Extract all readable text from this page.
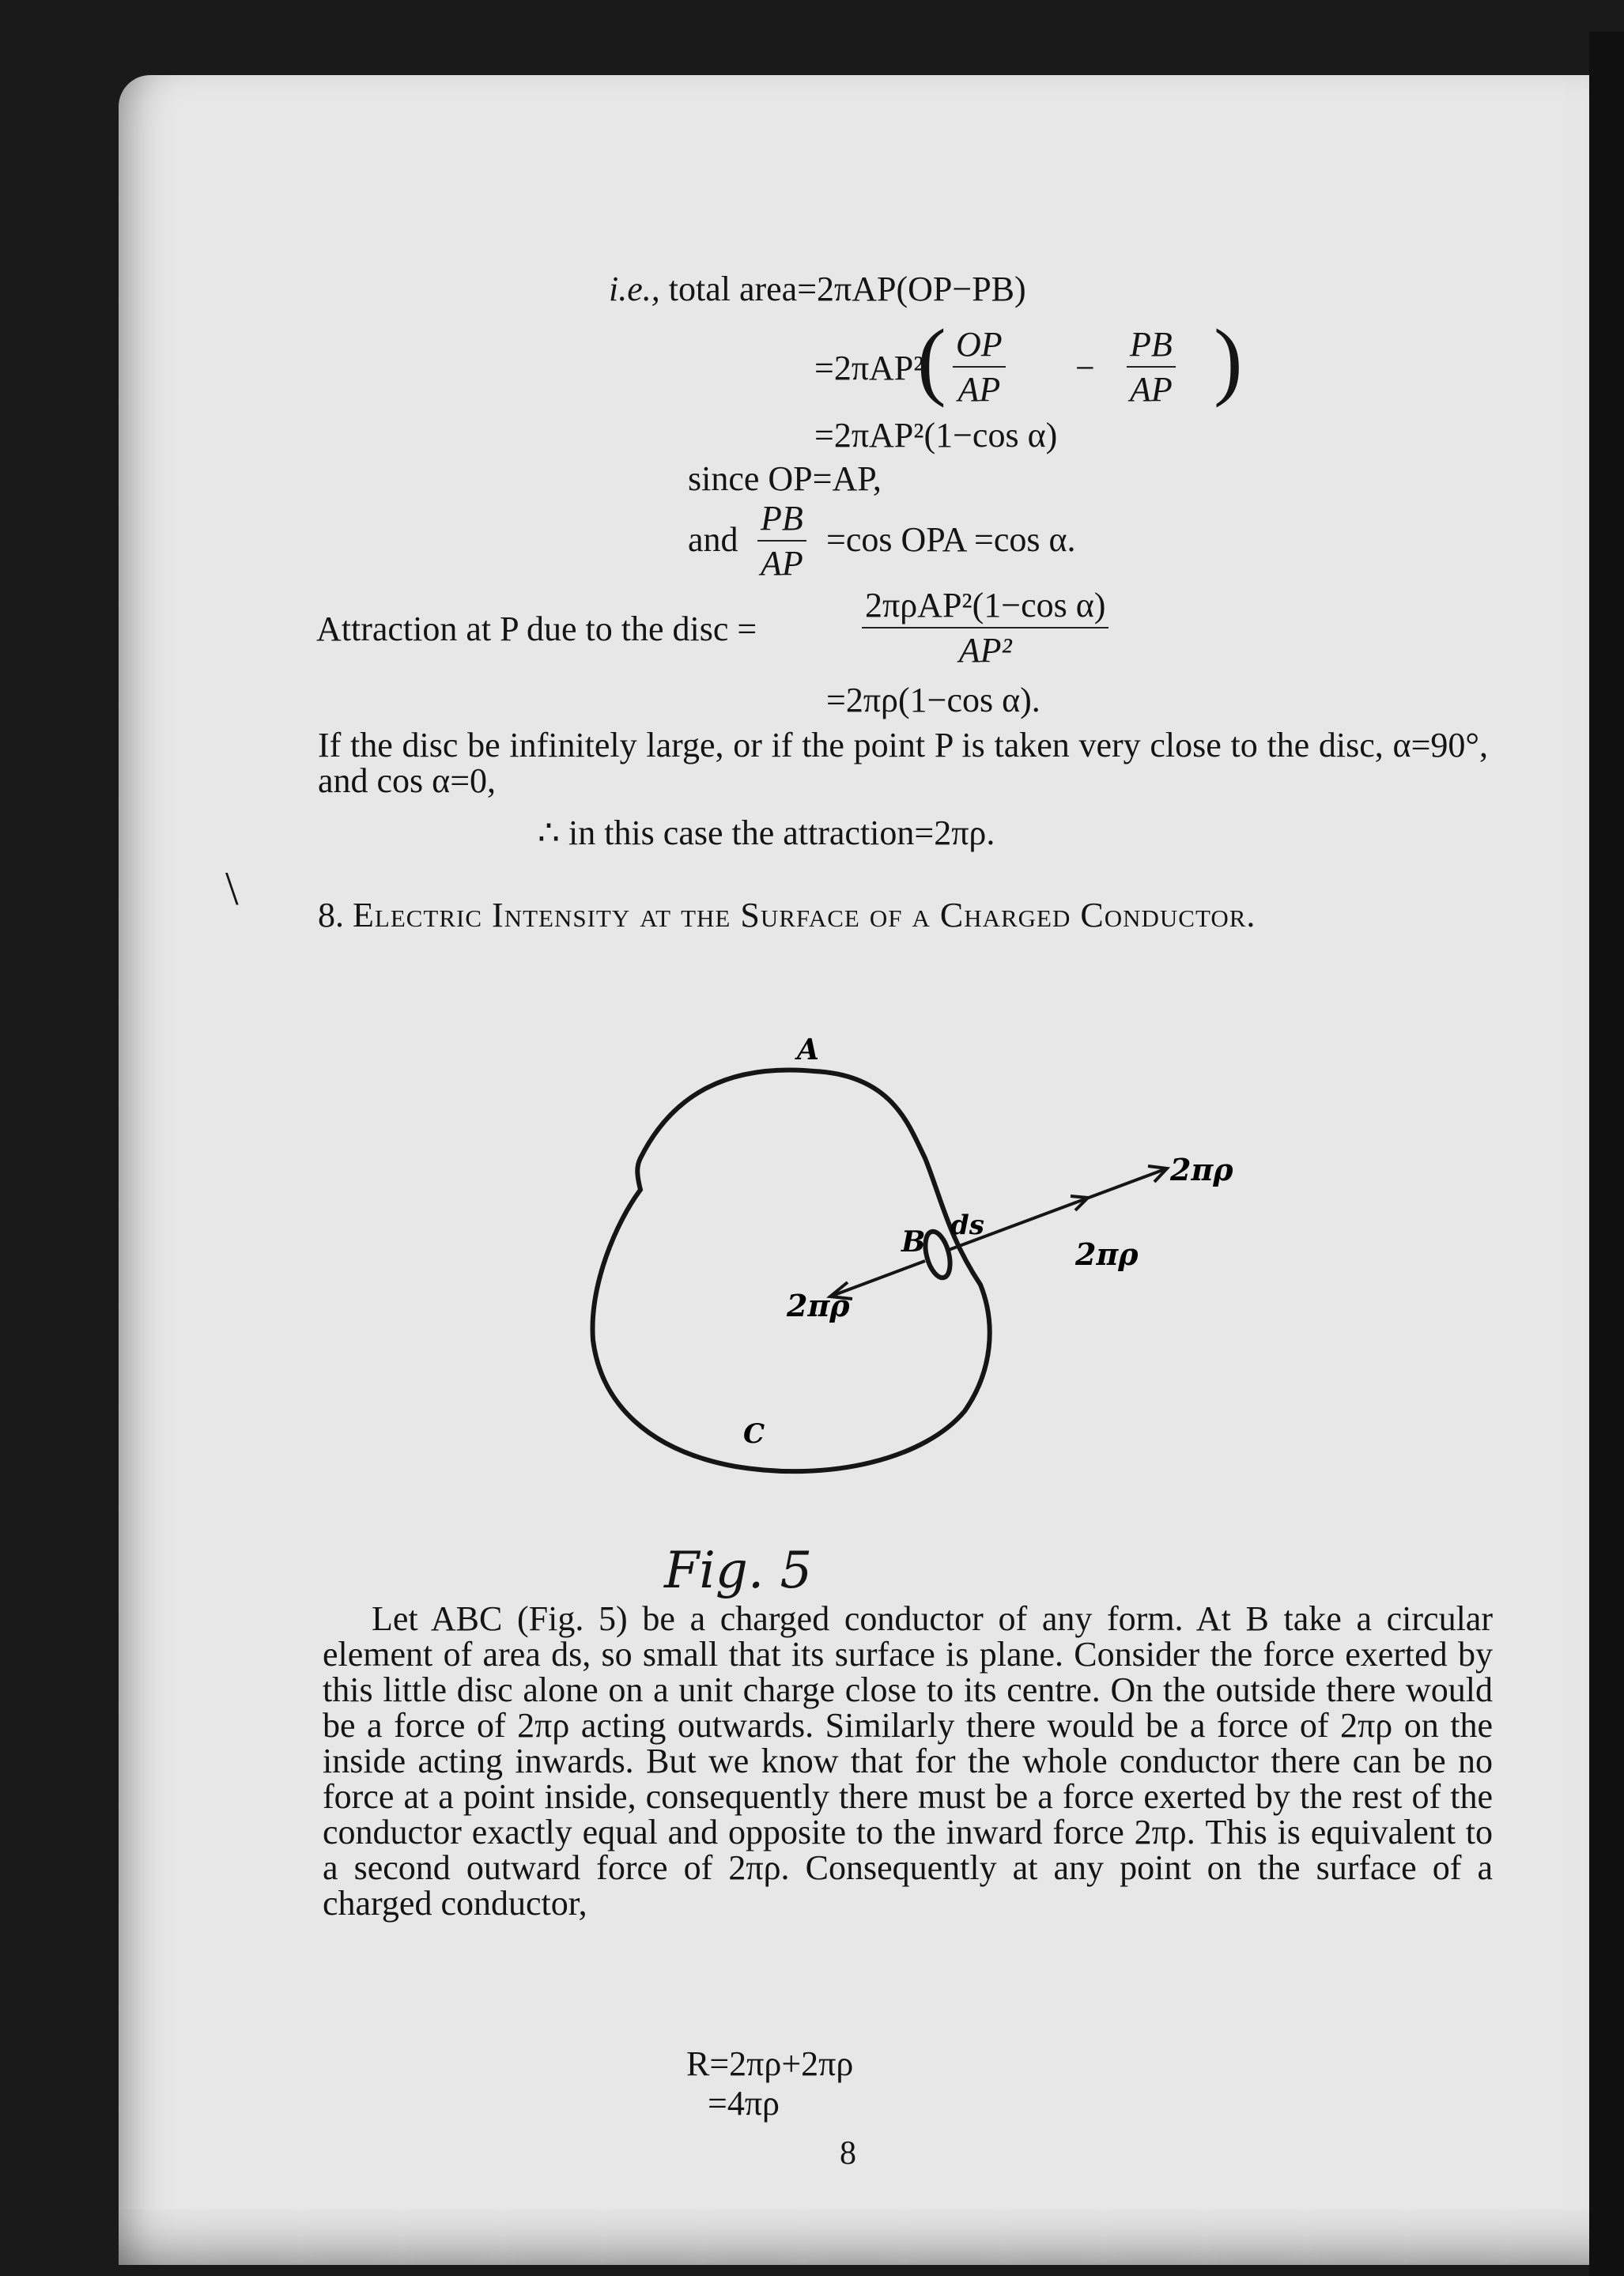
i.e., total area=2πAP(OP−PB)
=2πAP²
( OP
AP
−
PB
AP )
=2πAP²(1−cos α)
since OP=AP,
and
PB
AP
=cos OPA =cos α.
Attraction at P due to the disc =
2πρAP²(1−cos α)
AP²
=2πρ(1−cos α).
If the disc be infinitely large, or if the point P is taken very close to the disc, α=90°, and cos α=0,
∴ in this case the attraction=2πρ.
\
8. Electric Intensity at the Surface of a Charged Conductor.
A
B
C
ds
2πρ
2πρ
2πρ
Fig. 5
Let ABC (Fig. 5) be a charged conductor of any form. At B take a circular element of area ds, so small that its surface is plane. Consider the force exerted by this little disc alone on a unit charge close to its centre. On the outside there would be a force of 2πρ acting outwards. Similarly there would be a force of 2πρ on the inside acting inwards. But we know that for the whole conductor there can be no force at a point inside, consequently there must be a force exerted by the rest of the conductor exactly equal and opposite to the inward force 2πρ. This is equivalent to a second outward force of 2πρ. Consequently at any point on the surface of a charged conductor,
R=2πρ+2πρ
=4πρ
8
